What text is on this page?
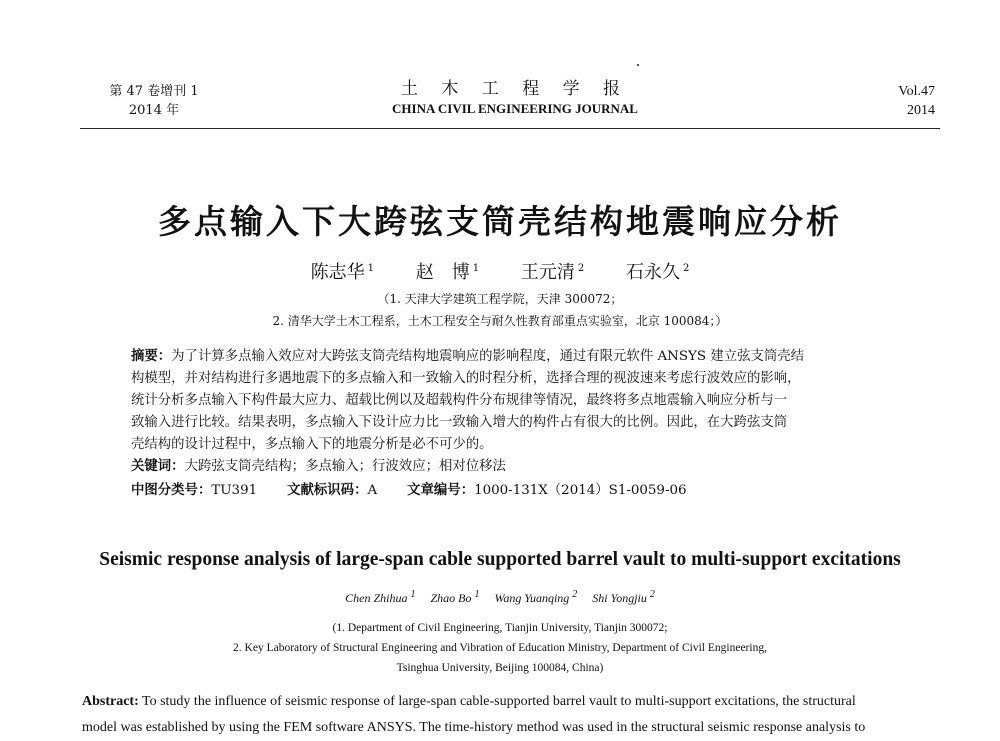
第 47 卷增刊 1
2014 年
土 木 工 程 学 报
CHINA CIVIL ENGINEERING JOURNAL
Vol.47
2014
多点输入下大跨弦支筒壳结构地震响应分析
陈志华 $^1$ 赵　博 $^1$ 王元清 $^2$ 石永久 $^2$
（1. 天津大学建筑工程学院，天津 300072；
2. 清华大学土木工程系，土木工程安全与耐久性教育部重点实验室，北京 100084；）
摘要：为了计算多点输入效应对大跨弦支筒壳结构地震响应的影响程度，通过有限元软件 ANSYS 建立弦支筒壳结
构模型，并对结构进行多遇地震下的多点输入和一致输入的时程分析，选择合理的视波速来考虑行波效应的影响，
统计分析多点输入下构件最大应力、超载比例以及超载构件分布规律等情况，最终将多点地震输入响应分析与一
致输入进行比较。结果表明，多点输入下设计应力比一致输入增大的构件占有很大的比例。因此，在大跨弦支筒
壳结构的设计过程中，多点输入下的地震分析是必不可少的。
关键词：大跨弦支筒壳结构；多点输入；行波效应；相对位移法
中图分类号：TU391 文献标识码：A 文章编号：1000-131X（2014）S1-0059-06
Seismic response analysis of large-span cable supported barrel vault to multi-support excitations
Chen Zhihua $^1$ Zhao Bo $^1$ Wang Yuanqing $^2$ Shi Yongjiu $^2$
(1. Department of Civil Engineering, Tianjin University, Tianjin 300072;
2. Key Laboratory of Structural Engineering and Vibration of Education Ministry, Department of Civil Engineering,
Tsinghua University, Beijing 100084, China)
Abstract: To study the influence of seismic response of large-span cable-supported barrel vault to multi-support excitations, the structural
model was established by using the FEM software ANSYS. The time-history method was used in the structural seismic response analysis to
